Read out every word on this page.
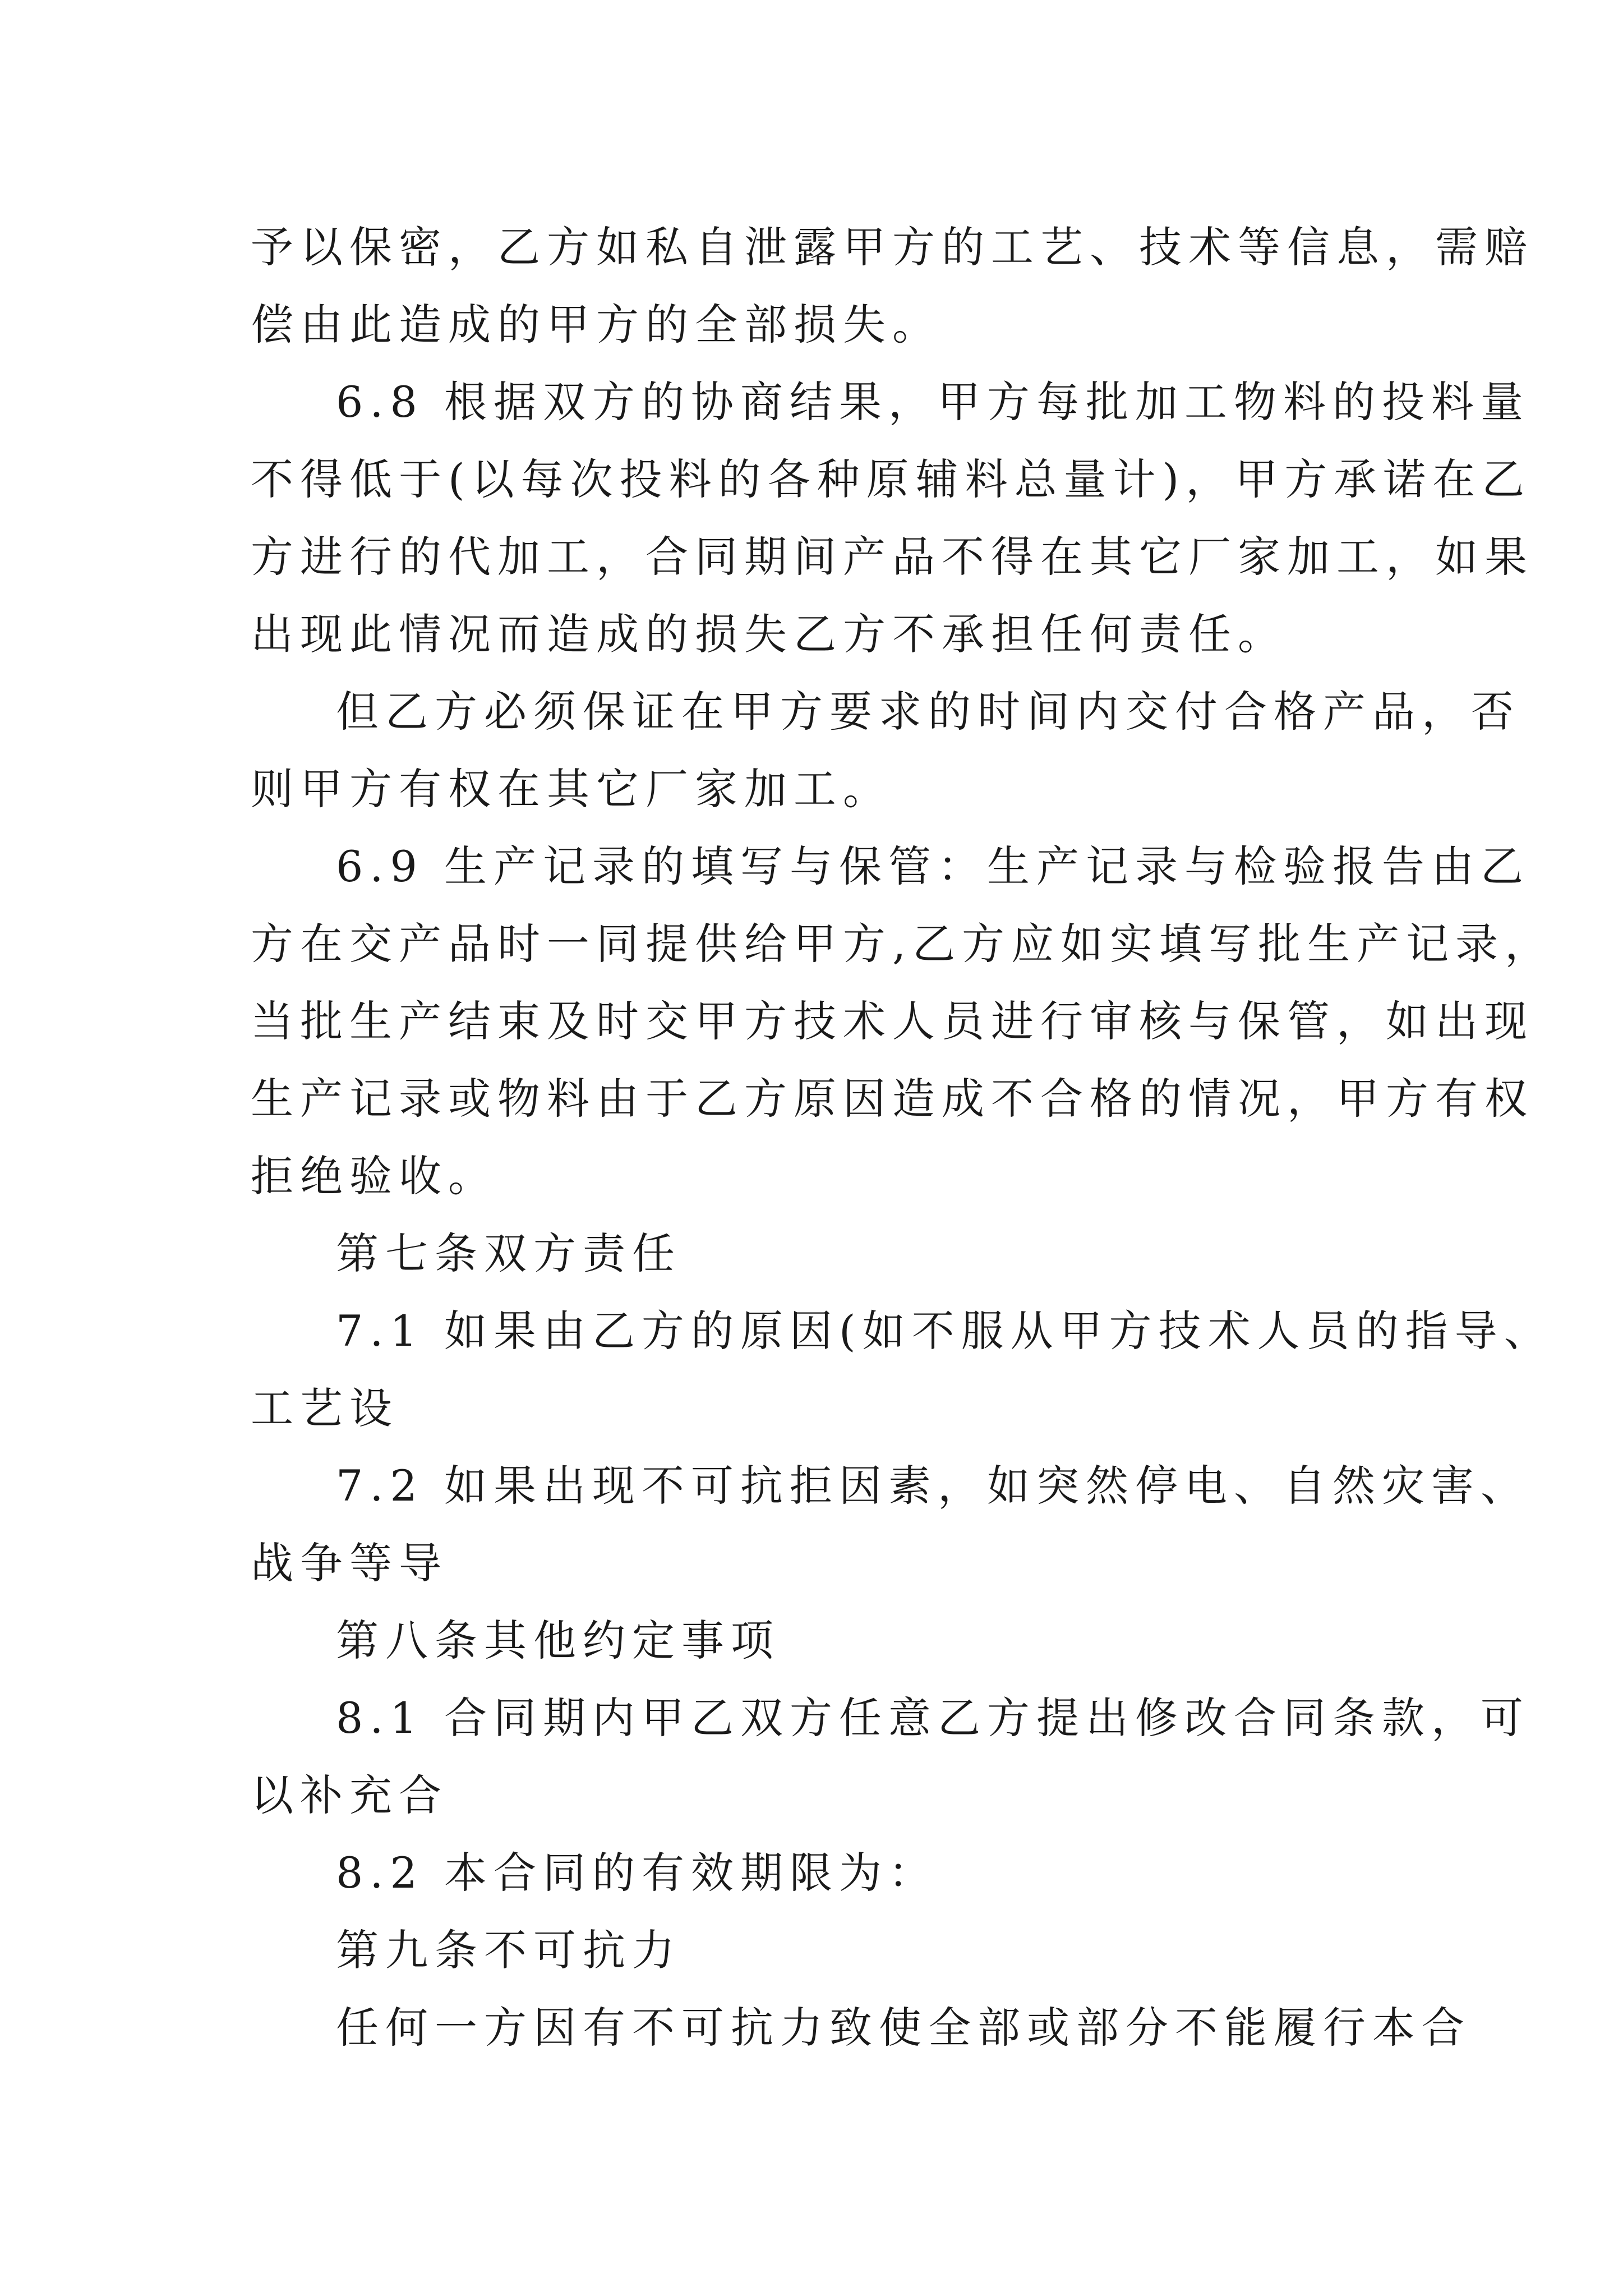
予以保密，乙方如私自泄露甲方的工艺、技术等信息，需赔
偿由此造成的甲方的全部损失。
6.8 根据双方的协商结果，甲方每批加工物料的投料量
不得低于(以每次投料的各种原辅料总量计)，甲方承诺在乙
方进行的代加工，合同期间产品不得在其它厂家加工，如果
出现此情况而造成的损失乙方不承担任何责任。
但乙方必须保证在甲方要求的时间内交付合格产品，否
则甲方有权在其它厂家加工。
6.9 生产记录的填写与保管：生产记录与检验报告由乙
方在交产品时一同提供给甲方,乙方应如实填写批生产记录，
当批生产结束及时交甲方技术人员进行审核与保管，如出现
生产记录或物料由于乙方原因造成不合格的情况，甲方有权
拒绝验收。
第七条双方责任
7.1 如果由乙方的原因(如不服从甲方技术人员的指导、
工艺设
7.2 如果出现不可抗拒因素，如突然停电、自然灾害、
战争等导
第八条其他约定事项
8.1 合同期内甲乙双方任意乙方提出修改合同条款，可
以补充合
8.2 本合同的有效期限为：
第九条不可抗力
任何一方因有不可抗力致使全部或部分不能履行本合
